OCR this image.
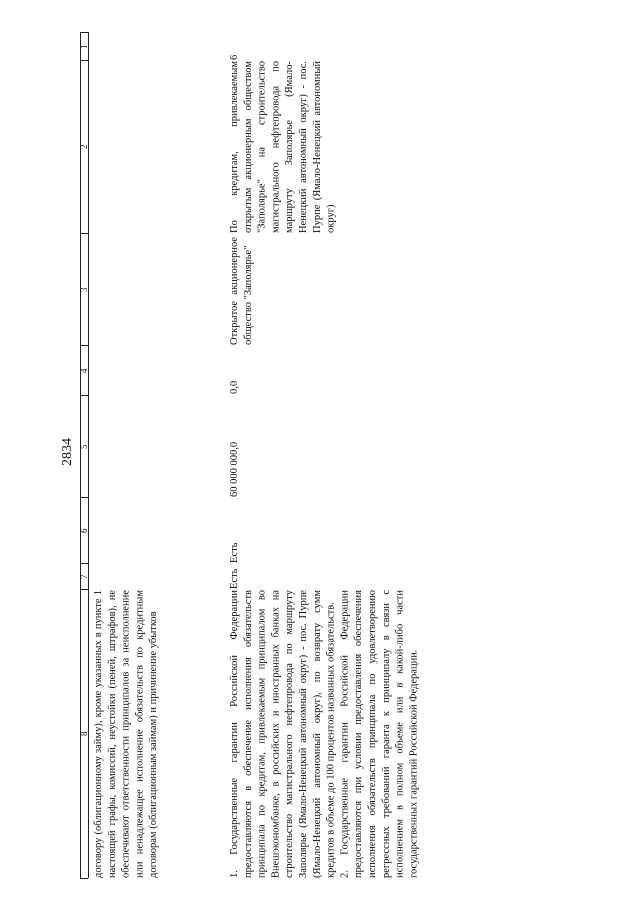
2834
1
2
3
4
5
6
7
8 договору (облигационному займу), кроме указанных в пункте 1 настоящей графы, комиссий, неустойки (пеней, штрафов), не обеспечивают ответственности принципалов за неисполнение или ненадлежащее исполнение обязательств по кредитным договорам (облигационным займам) и причинение убытков
6
По кредитам, привлекаемым открытым акционерным обществом "Заполярье" на строительство магистрального нефтепровода по маршруту Заполярье (Ямало-Ненецкий автономный округ) - пос. Пурпе (Ямало-Ненецкий автономный округ)
Открытое акционерное общество "Заполярье"
0,0
60 000 000,0
Есть
Есть

1. Государственные гарантии Российской Федерации предоставляются в обеспечение исполнения обязательств принципала по кредитам, привлекаемым принципалом во Внешэкономбанке, в российских и иностранных банках на строительство магистрального нефтепровода по маршруту Заполярье (Ямало-Ненецкий автономный округ) - пос. Пурпе (Ямало-Ненецкий автономный округ), по возврату сумм кредитов в объеме до 100 процентов названных обязательств. 2. Государственные гарантии Российской Федерации предоставляются при условии предоставления обеспечения исполнения обязательств принципала по удовлетворению регрессных требований гаранта к принципалу в связи с исполнением в полном объеме или в какой-либо части государственных гарантий Российской Федерации.
